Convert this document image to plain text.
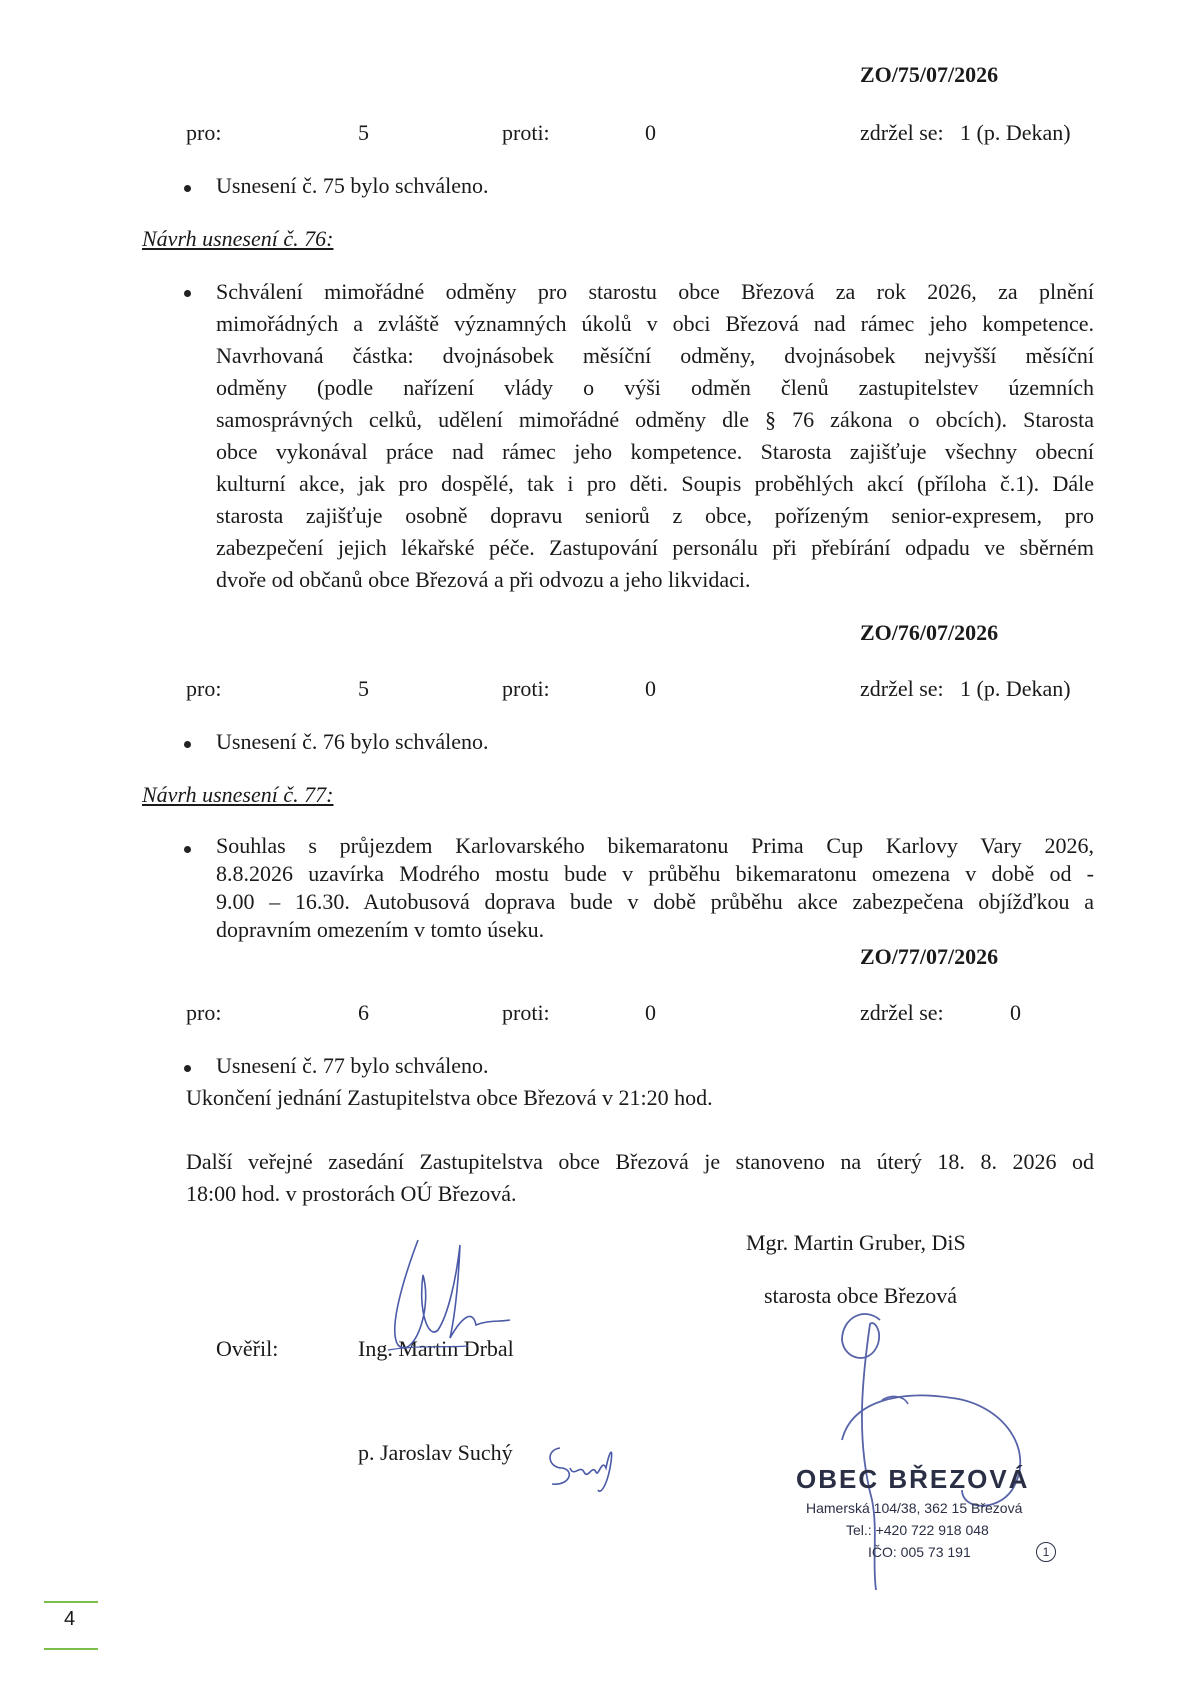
ZO/75/07/2026
pro:	5	proti:	0	zdržel se: 1 (p. Dekan)
Usnesení č. 75 bylo schváleno.
Návrh usnesení č. 76:
Schválení mimořádné odměny pro starostu obce Březová za rok 2026, za plnění
mimořádných a zvláště významných úkolů v obci Březová nad rámec jeho kompetence.
Navrhovaná částka: dvojnásobek měsíční odměny, dvojnásobek nejvyšší měsíční
odměny (podle nařízení vlády o výši odměn členů zastupitelstev územních
samosprávných celků, udělení mimořádné odměny dle § 76 zákona o obcích). Starosta
obce vykonával práce nad rámec jeho kompetence. Starosta zajišťuje všechny obecní
kulturní akce, jak pro dospělé, tak i pro děti. Soupis proběhlých akcí (příloha č.1). Dále
starosta zajišťuje osobně dopravu seniorů z obce, pořízeným senior-expresem, pro
zabezpečení jejich lékařské péče. Zastupování personálu při přebírání odpadu ve sběrném
dvoře od občanů obce Březová a při odvozu a jeho likvidaci.
ZO/76/07/2026
pro:	5	proti:	0	zdržel se: 1 (p. Dekan)
Usnesení č. 76 bylo schváleno.
Návrh usnesení č. 77:
Souhlas s průjezdem Karlovarského bikemaratonu Prima Cup Karlovy Vary 2026,
8.8.2026 uzavírka Modrého mostu bude v průběhu bikemaratonu omezena v době od -
9.00 – 16.30. Autobusová doprava bude v době průběhu akce zabezpečena objížďkou a
dopravním omezením v tomto úseku.
ZO/77/07/2026
pro:	6	proti:	0	zdržel se:	0
Usnesení č. 77 bylo schváleno.
Ukončení jednání Zastupitelstva obce Březová v 21:20 hod.
Další veřejné zasedání Zastupitelstva obce Březová je stanoveno na úterý 18. 8. 2026 od
18:00 hod. v prostorách OÚ Březová.
Mgr. Martin Gruber, DiS
starosta obce Březová
Ověřil:	Ing. Martin Drbal
p. Jaroslav Suchý
OBEC BŘEZOVÁ
Hamerská 104/38, 362 15 Březová
Tel.: +420 722 918 048
IČO: 005 73 191	1
4
